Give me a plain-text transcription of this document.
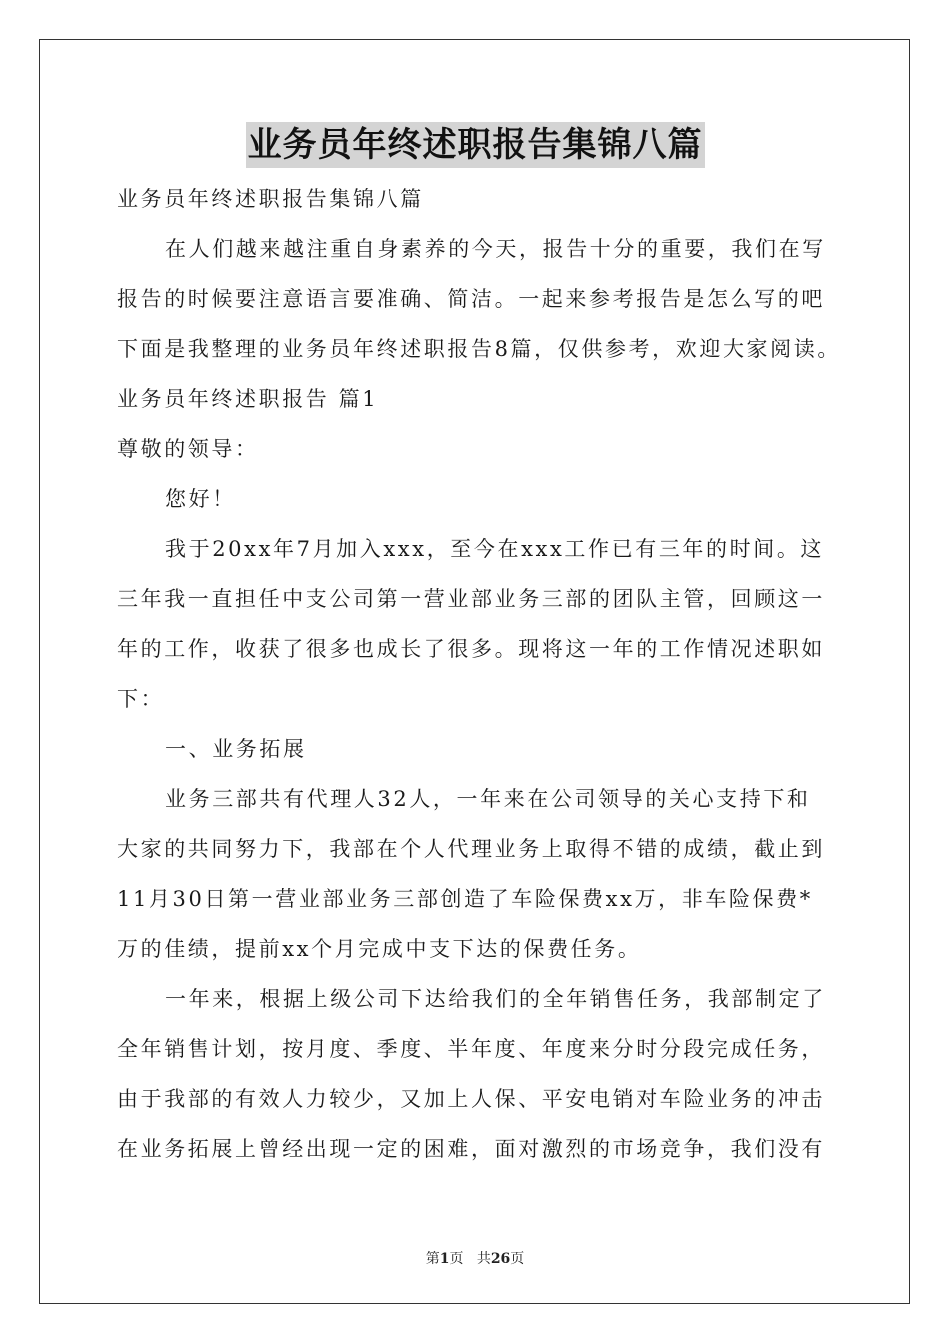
业务员年终述职报告集锦八篇
业务员年终述职报告集锦八篇
在人们越来越注重自身素养的今天，报告十分的重要，我们在写
报告的时候要注意语言要准确、简洁。一起来参考报告是怎么写的吧
下面是我整理的业务员年终述职报告8篇，仅供参考，欢迎大家阅读。
业务员年终述职报告 篇1
尊敬的领导：
您好！
我于20xx年7月加入xxx，至今在xxx工作已有三年的时间。这
三年我一直担任中支公司第一营业部业务三部的团队主管，回顾这一
年的工作，收获了很多也成长了很多。现将这一年的工作情况述职如
下：
一、业务拓展
业务三部共有代理人32人，一年来在公司领导的关心支持下和
大家的共同努力下，我部在个人代理业务上取得不错的成绩，截止到
11月30日第一营业部业务三部创造了车险保费xx万，非车险保费*
万的佳绩，提前xx个月完成中支下达的保费任务。
一年来，根据上级公司下达给我们的全年销售任务，我部制定了
全年销售计划，按月度、季度、半年度、年度来分时分段完成任务，
由于我部的有效人力较少，又加上人保、平安电销对车险业务的冲击
在业务拓展上曾经出现一定的困难，面对激烈的市场竞争，我们没有
第1页 共26页
